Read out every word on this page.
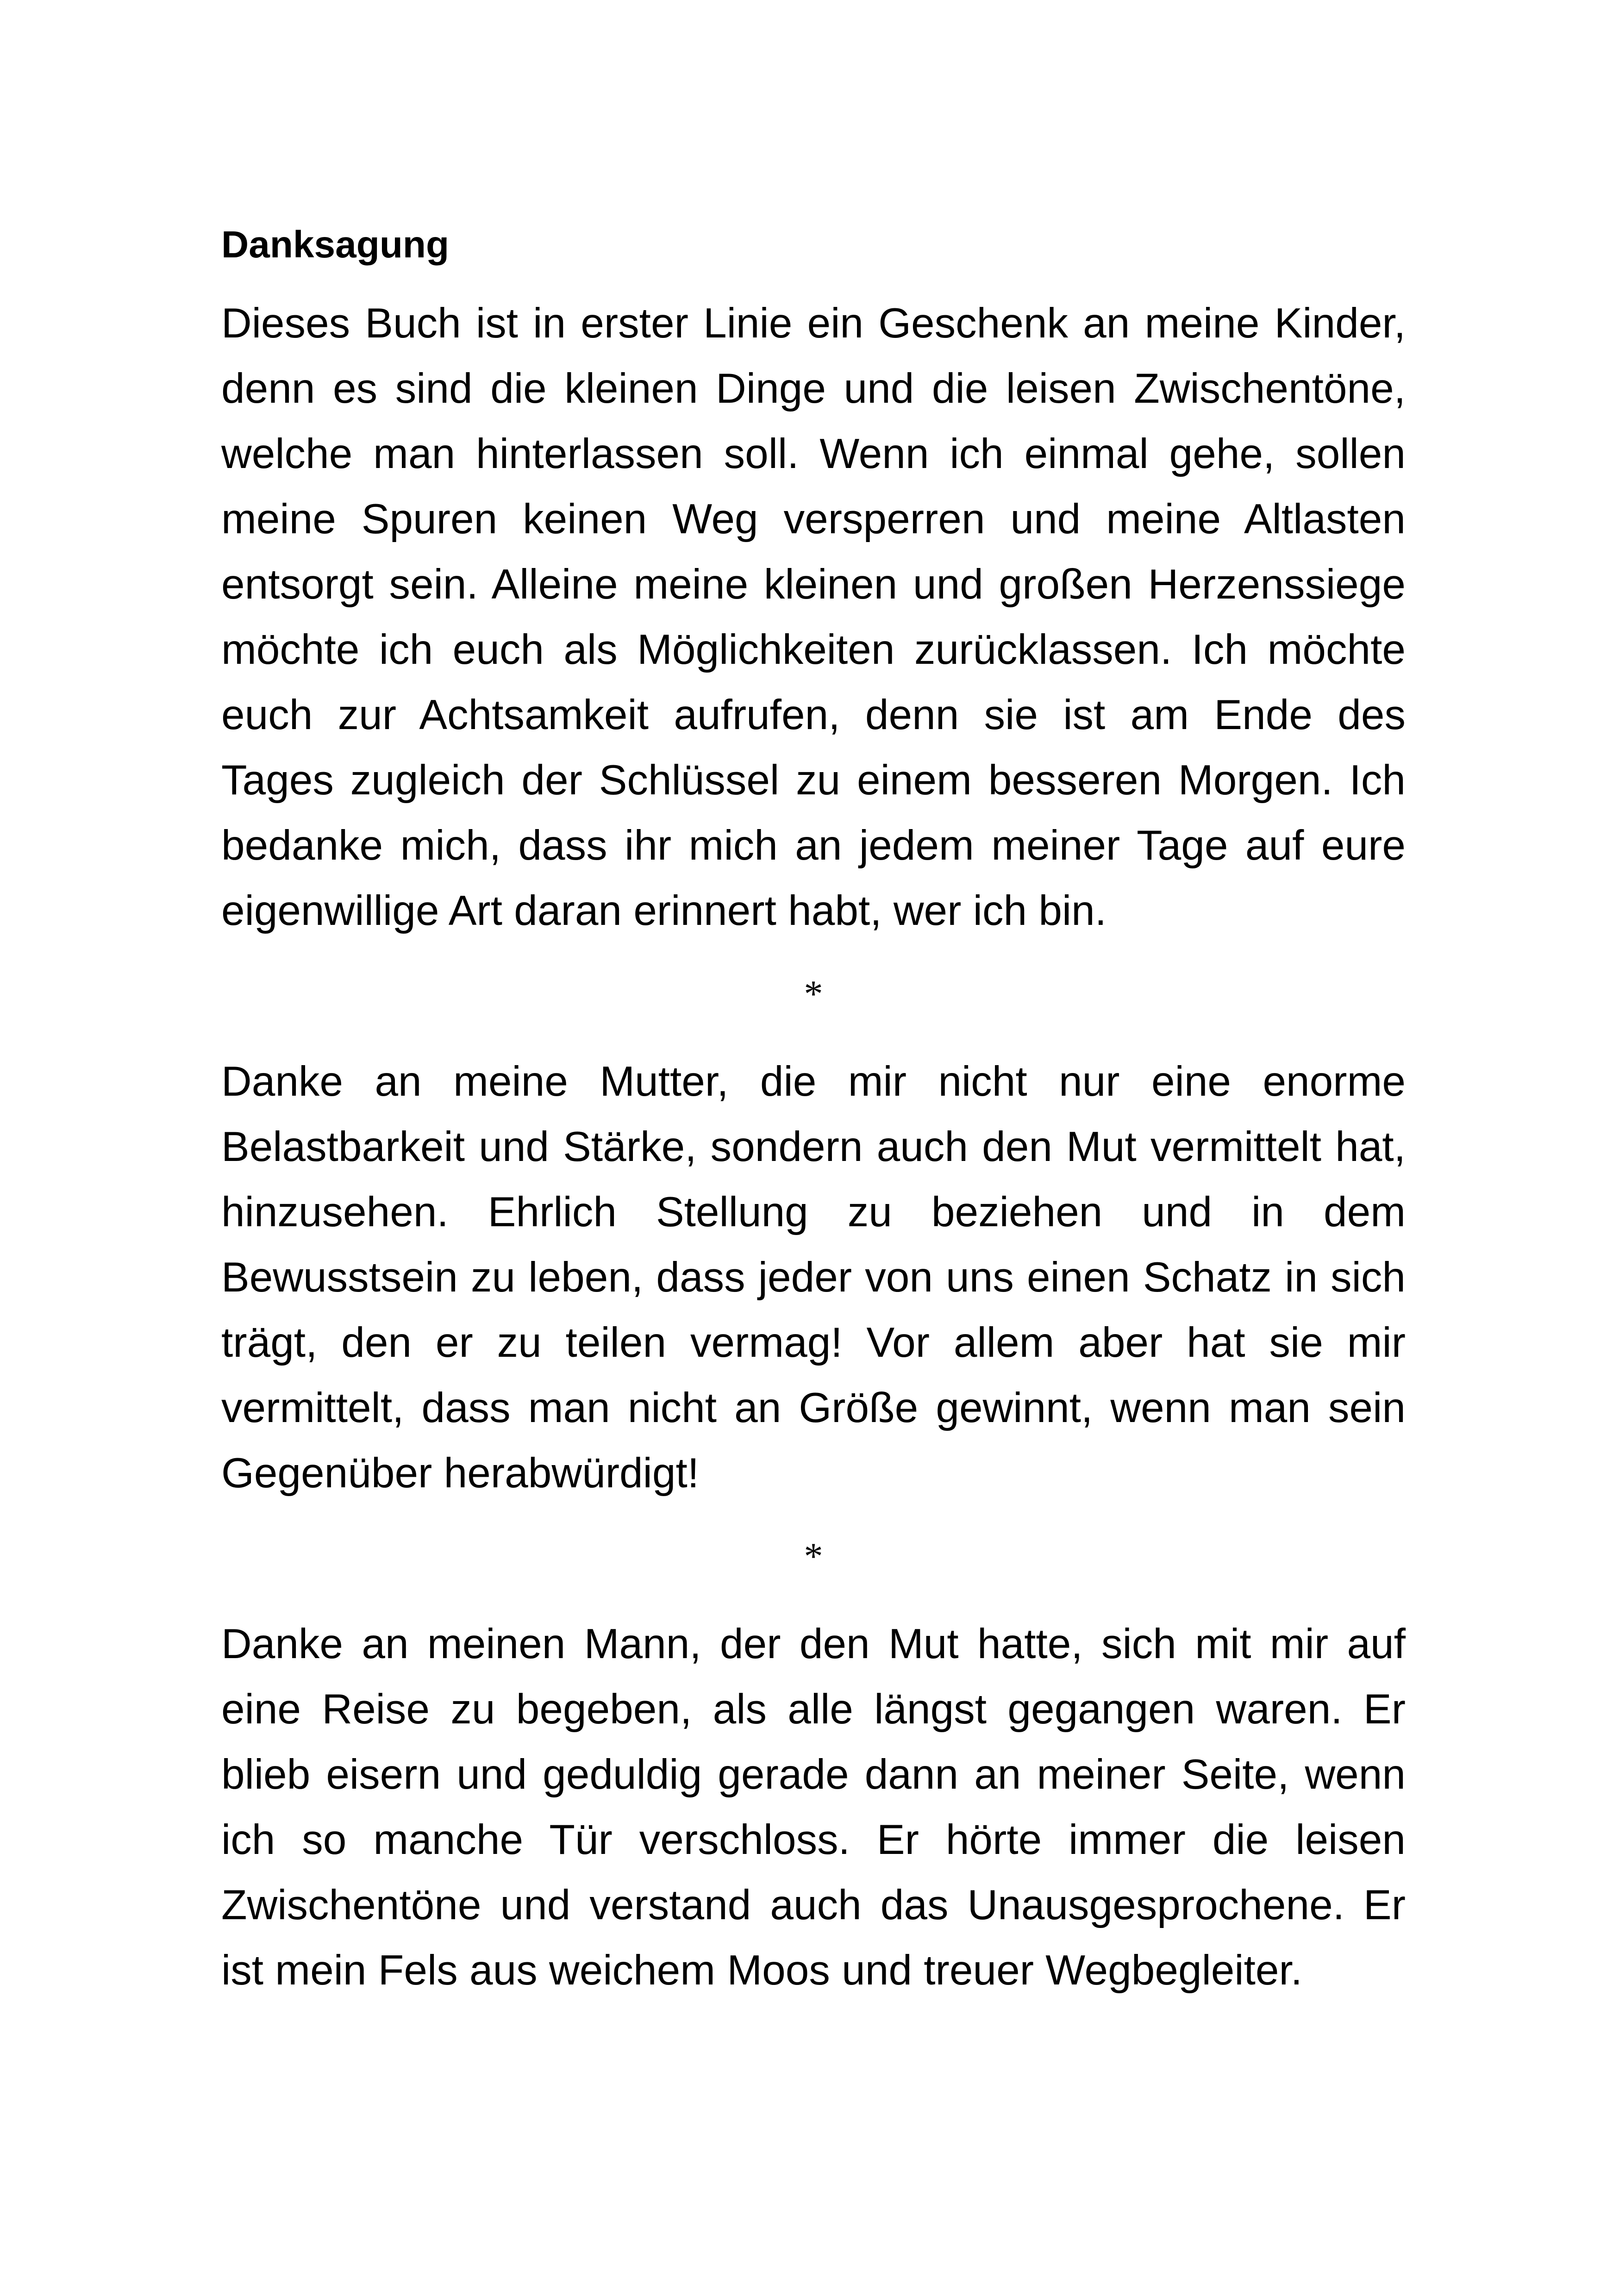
Danksagung

Dieses Buch ist in erster Linie ein Geschenk an meine Kinder, denn es sind die kleinen Dinge und die leisen Zwischentöne, welche man hinterlassen soll. Wenn ich einmal gehe, sollen meine Spuren keinen Weg versperren und meine Altlasten entsorgt sein. Alleine meine kleinen und großen Herzenssiege möchte ich euch als Möglichkeiten zurücklassen. Ich möchte euch zur Achtsamkeit aufrufen, denn sie ist am Ende des Tages zugleich der Schlüssel zu einem besseren Morgen. Ich bedanke mich, dass ihr mich an jedem meiner Tage auf eure eigenwillige Art daran erinnert habt, wer ich bin.

*

Danke an meine Mutter, die mir nicht nur eine enorme Belastbarkeit und Stärke, sondern auch den Mut vermittelt hat, hinzusehen. Ehrlich Stellung zu beziehen und in dem Bewusstsein zu leben, dass jeder von uns einen Schatz in sich trägt, den er zu teilen vermag! Vor allem aber hat sie mir vermittelt, dass man nicht an Größe gewinnt, wenn man sein Gegenüber herabwürdigt!

*

Danke an meinen Mann, der den Mut hatte, sich mit mir auf eine Reise zu begeben, als alle längst gegangen waren. Er blieb eisern und geduldig gerade dann an meiner Seite, wenn ich so manche Tür verschloss. Er hörte immer die leisen Zwischentöne und verstand auch das Unausgesprochene. Er ist mein Fels aus weichem Moos und treuer Wegbegleiter.
